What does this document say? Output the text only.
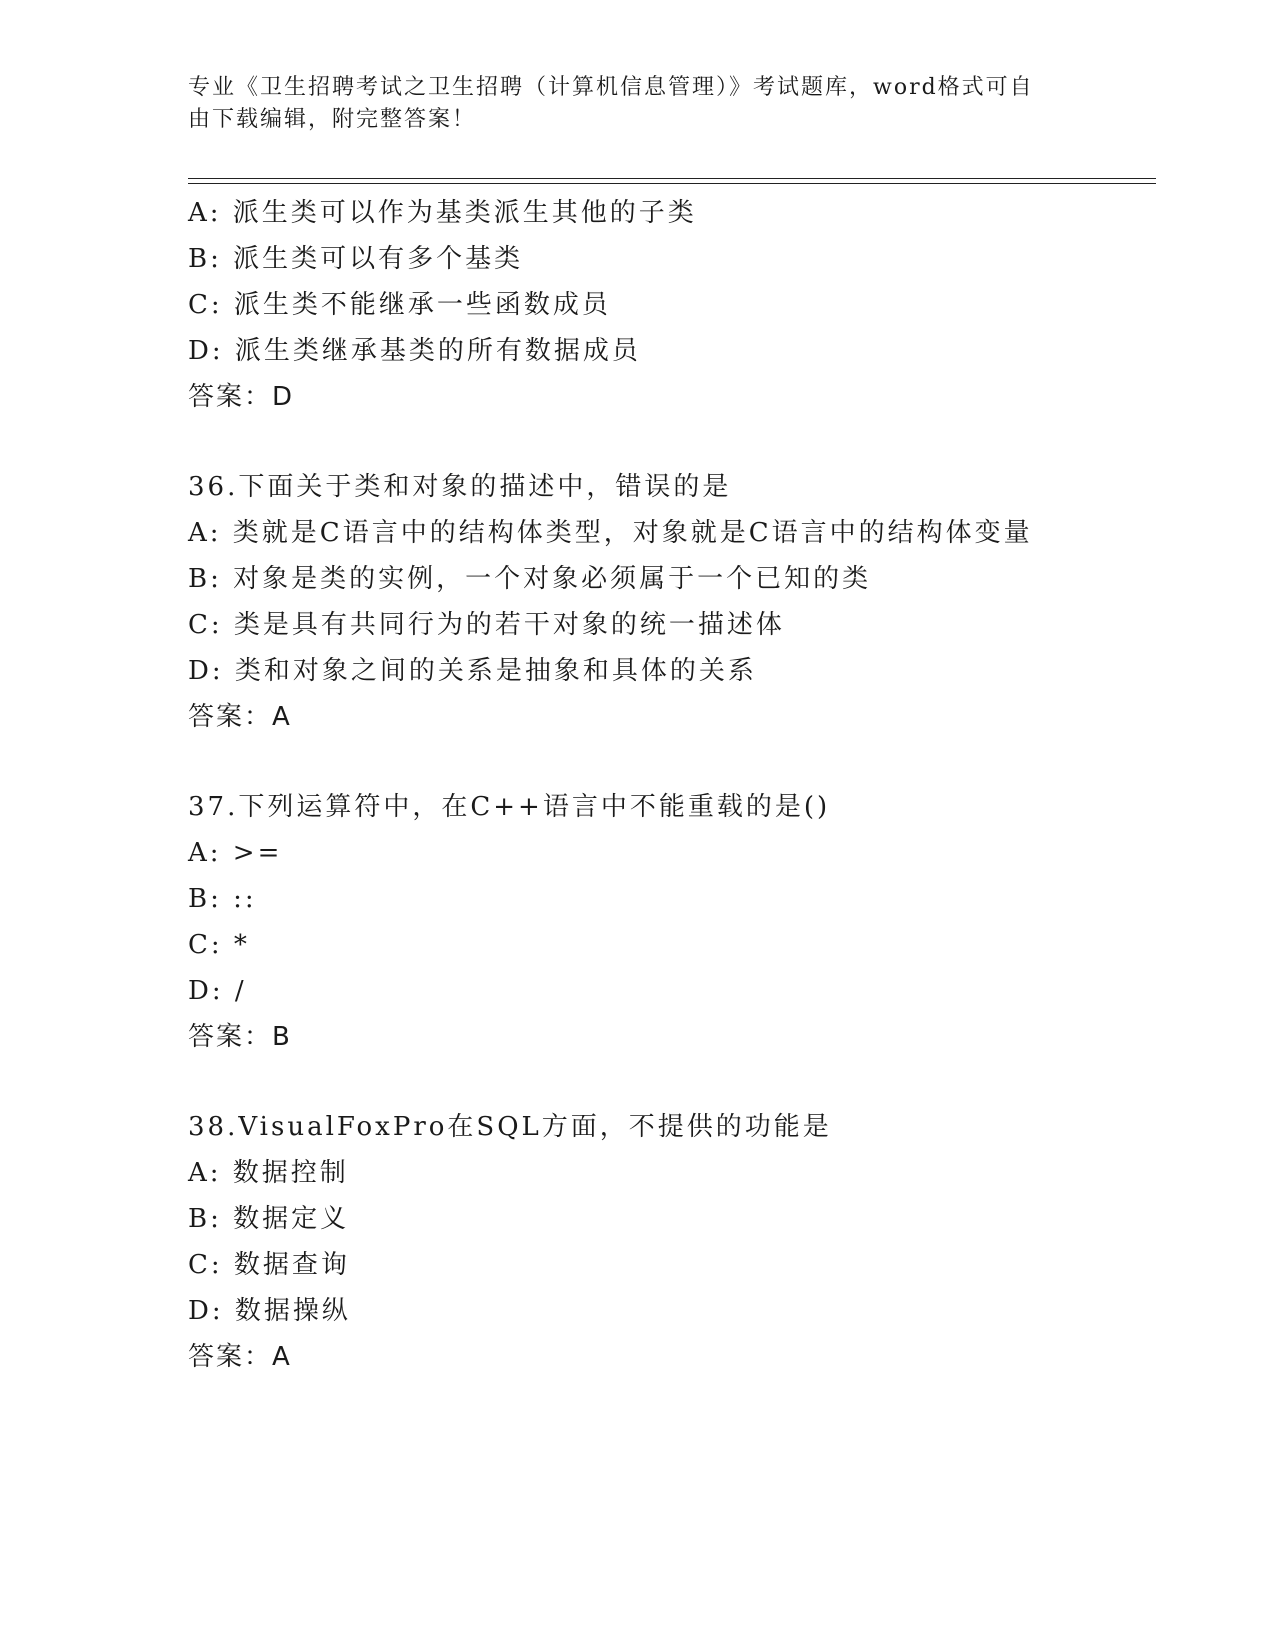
专业《卫生招聘考试之卫生招聘（计算机信息管理）》考试题库，word格式可自
由下载编辑，附完整答案！
A: 派生类可以作为基类派生其他的子类
B: 派生类可以有多个基类
C: 派生类不能继承一些函数成员
D: 派生类继承基类的所有数据成员
答案：D
36.下面关于类和对象的描述中，错误的是
A: 类就是C语言中的结构体类型，对象就是C语言中的结构体变量
B: 对象是类的实例，一个对象必须属于一个已知的类
C: 类是具有共同行为的若干对象的统一描述体
D: 类和对象之间的关系是抽象和具体的关系
答案：A
37.下列运算符中，在C++语言中不能重载的是()
A: >=
B: ::
C: *
D: /
答案：B
38.VisualFoxPro在SQL方面，不提供的功能是
A: 数据控制
B: 数据定义
C: 数据查询
D: 数据操纵
答案：A
